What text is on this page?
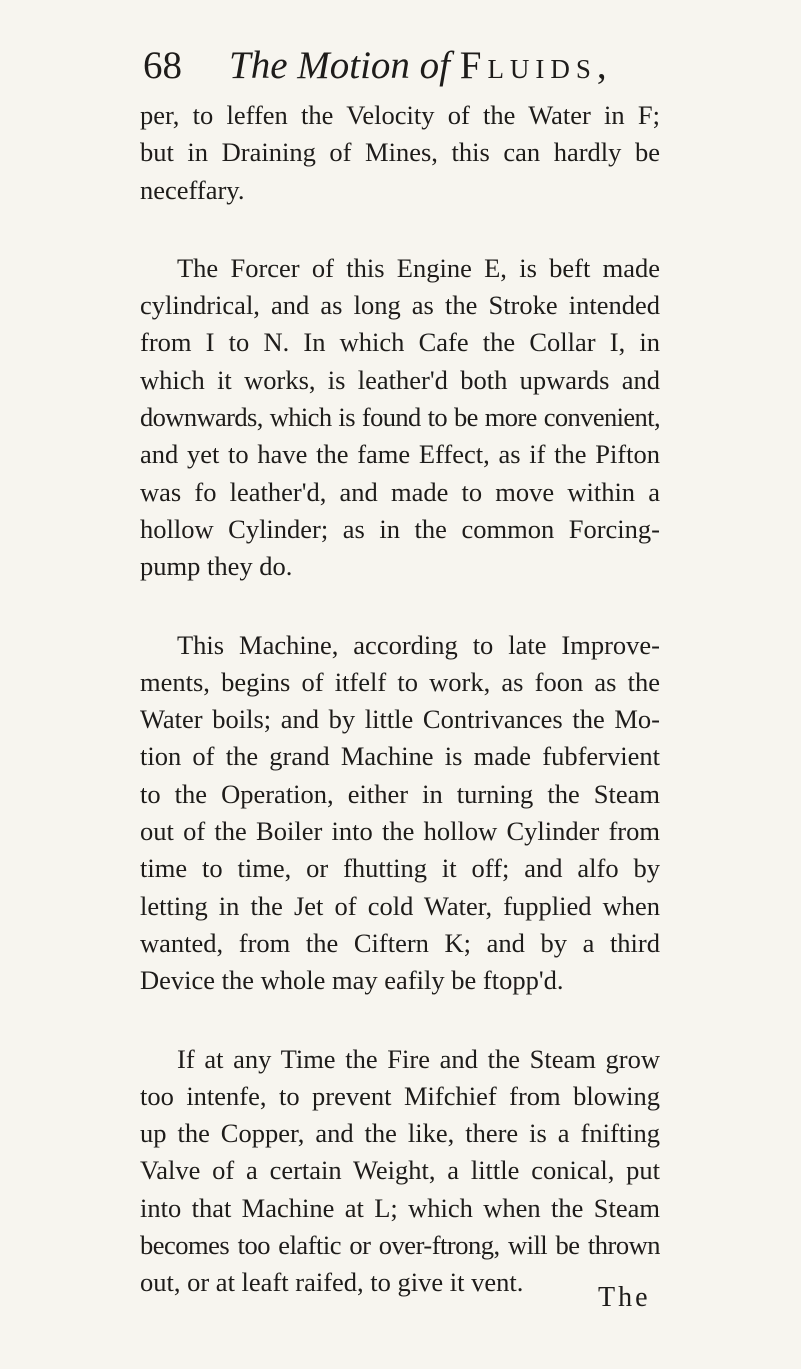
68 The Motion of Fluids,
per, to leffen the Velocity of the Water in F;
but in Draining of Mines, this can hardly be
neceffary.
The Forcer of this Engine E, is beft made
cylindrical, and as long as the Stroke intended
from I to N. In which Cafe the Collar I, in
which it works, is leather'd both upwards and
downwards, which is found to be more convenient,
and yet to have the fame Effect, as if the Pifton
was fo leather'd, and made to move within a
hollow Cylinder; as in the common Forcing-
pump they do.
This Machine, according to late Improve-
ments, begins of itfelf to work, as foon as the
Water boils; and by little Contrivances the Mo-
tion of the grand Machine is made fubfervient
to the Operation, either in turning the Steam
out of the Boiler into the hollow Cylinder from
time to time, or fhutting it off; and alfo by
letting in the Jet of cold Water, fupplied when
wanted, from the Ciftern K; and by a third
Device the whole may eafily be ftopp'd.
If at any Time the Fire and the Steam grow
too intenfe, to prevent Mifchief from blowing
up the Copper, and the like, there is a fnifting
Valve of a certain Weight, a little conical, put
into that Machine at L; which when the Steam
becomes too elaftic or over-ftrong, will be thrown
out, or at leaft raifed, to give it vent.	The
